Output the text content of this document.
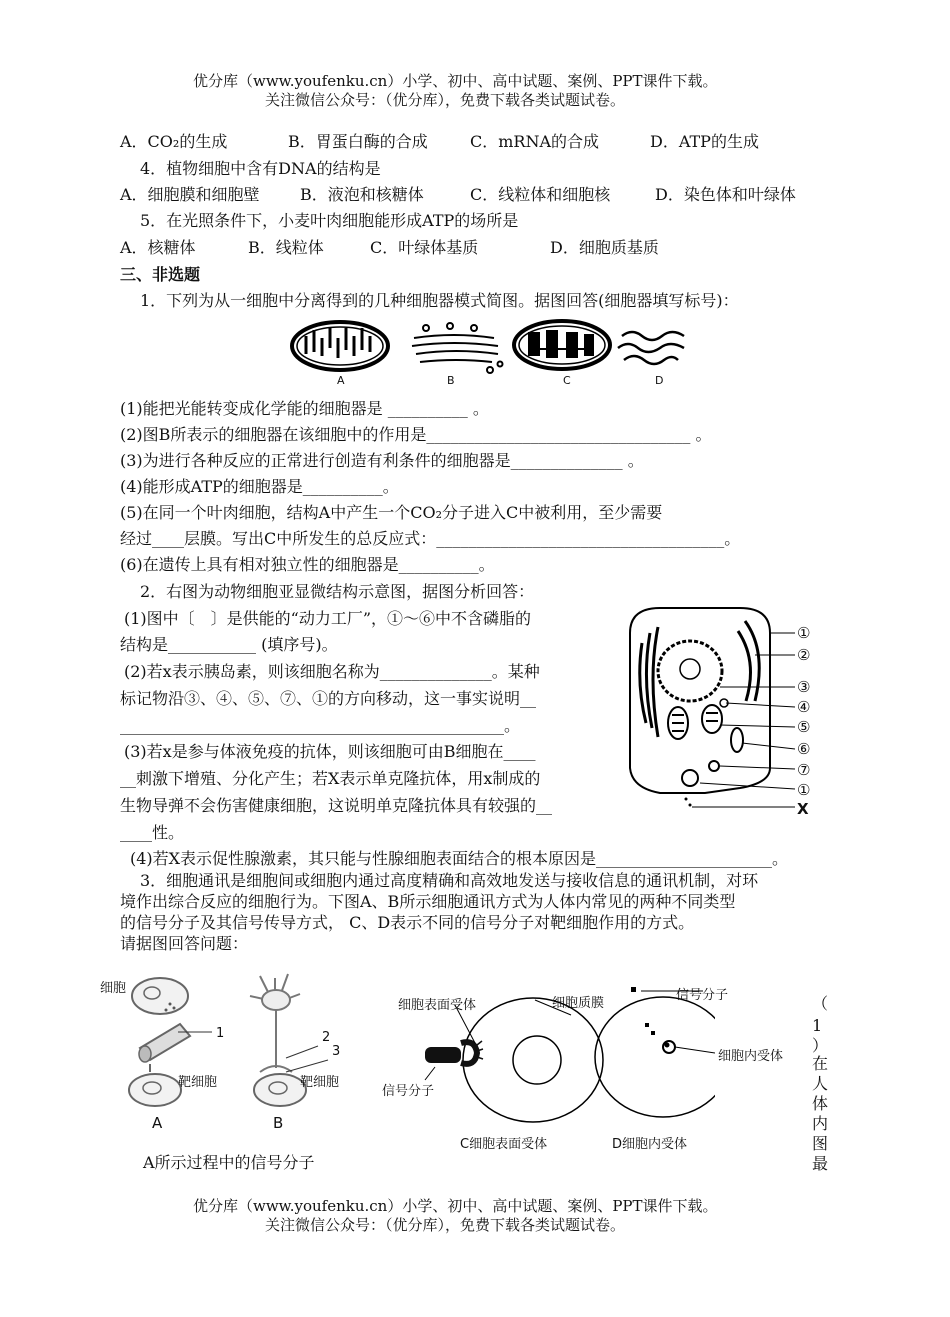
优分库（www.youfenku.cn）小学、初中、高中试题、案例、PPT课件下载。
关注微信公众号：（优分库），免费下载各类试题试卷。
A．CO₂的生成	B．胃蛋白酶的合成	C．mRNA的合成	D．ATP的生成
4．植物细胞中含有DNA的结构是
A．细胞膜和细胞壁	B．液泡和核糖体	C．线粒体和细胞核	D．染色体和叶绿体
5．在光照条件下，小麦叶肉细胞能形成ATP的场所是
A．核糖体	B．线粒体	C．叶绿体基质	D．细胞质基质
三、非选题
1．下列为从一细胞中分离得到的几种细胞器模式简图。据图回答(细胞器填写标号)：
A	B	C	D
(1)能把光能转变成化学能的细胞器是 __________ 。
(2)图B所表示的细胞器在该细胞中的作用是_________________________________ 。
(3)为进行各种反应的正常进行创造有利条件的细胞器是______________ 。
(4)能形成ATP的细胞器是__________。
(5)在同一个叶肉细胞，结构A中产生一个CO₂分子进入C中被利用，至少需要
经过____层膜。写出C中所发生的总反应式：____________________________________。
(6)在遗传上具有相对独立性的细胞器是__________。
2．右图为动物细胞亚显微结构示意图，据图分析回答：
(1)图中〔　〕是供能的“动力工厂”，①～⑥中不含磷脂的
结构是___________ (填序号)。
(2)若x表示胰岛素，则该细胞名称为______________。某种
标记物沿③、④、⑤、⑦、①的方向移动，这一事实说明__
________________________________________________。
(3)若x是参与体液免疫的抗体，则该细胞可由B细胞在____
__刺激下增殖、分化产生；若X表示单克隆抗体，用x制成的
生物导弹不会伤害健康细胞，这说明单克隆抗体具有较强的__
____性。
(4)若X表示促性腺激素，其只能与性腺细胞表面结合的根本原因是______________________。
①
②
③
④
⑤
⑥
⑦
①
X
3．细胞通讯是细胞间或细胞内通过高度精确和高效地发送与接收信息的通讯机制，对环
境作出综合反应的细胞行为。下图A、B所示细胞通讯方式为人体内常见的两种不同类型
的信号分子及其信号传导方式， C、D表示不同的信号分子对靶细胞作用的方式。
请据图回答问题：
细胞
靶细胞	靶细胞
1	2
3
A	B
细胞表面受体	细胞质膜
信号分子
信号分子
细胞内受体
C细胞表面受体	D细胞内受体
（
1
）
在
人
体
内
图
最
A所示过程中的信号分子
优分库（www.youfenku.cn）小学、初中、高中试题、案例、PPT课件下载。
关注微信公众号：（优分库），免费下载各类试题试卷。
